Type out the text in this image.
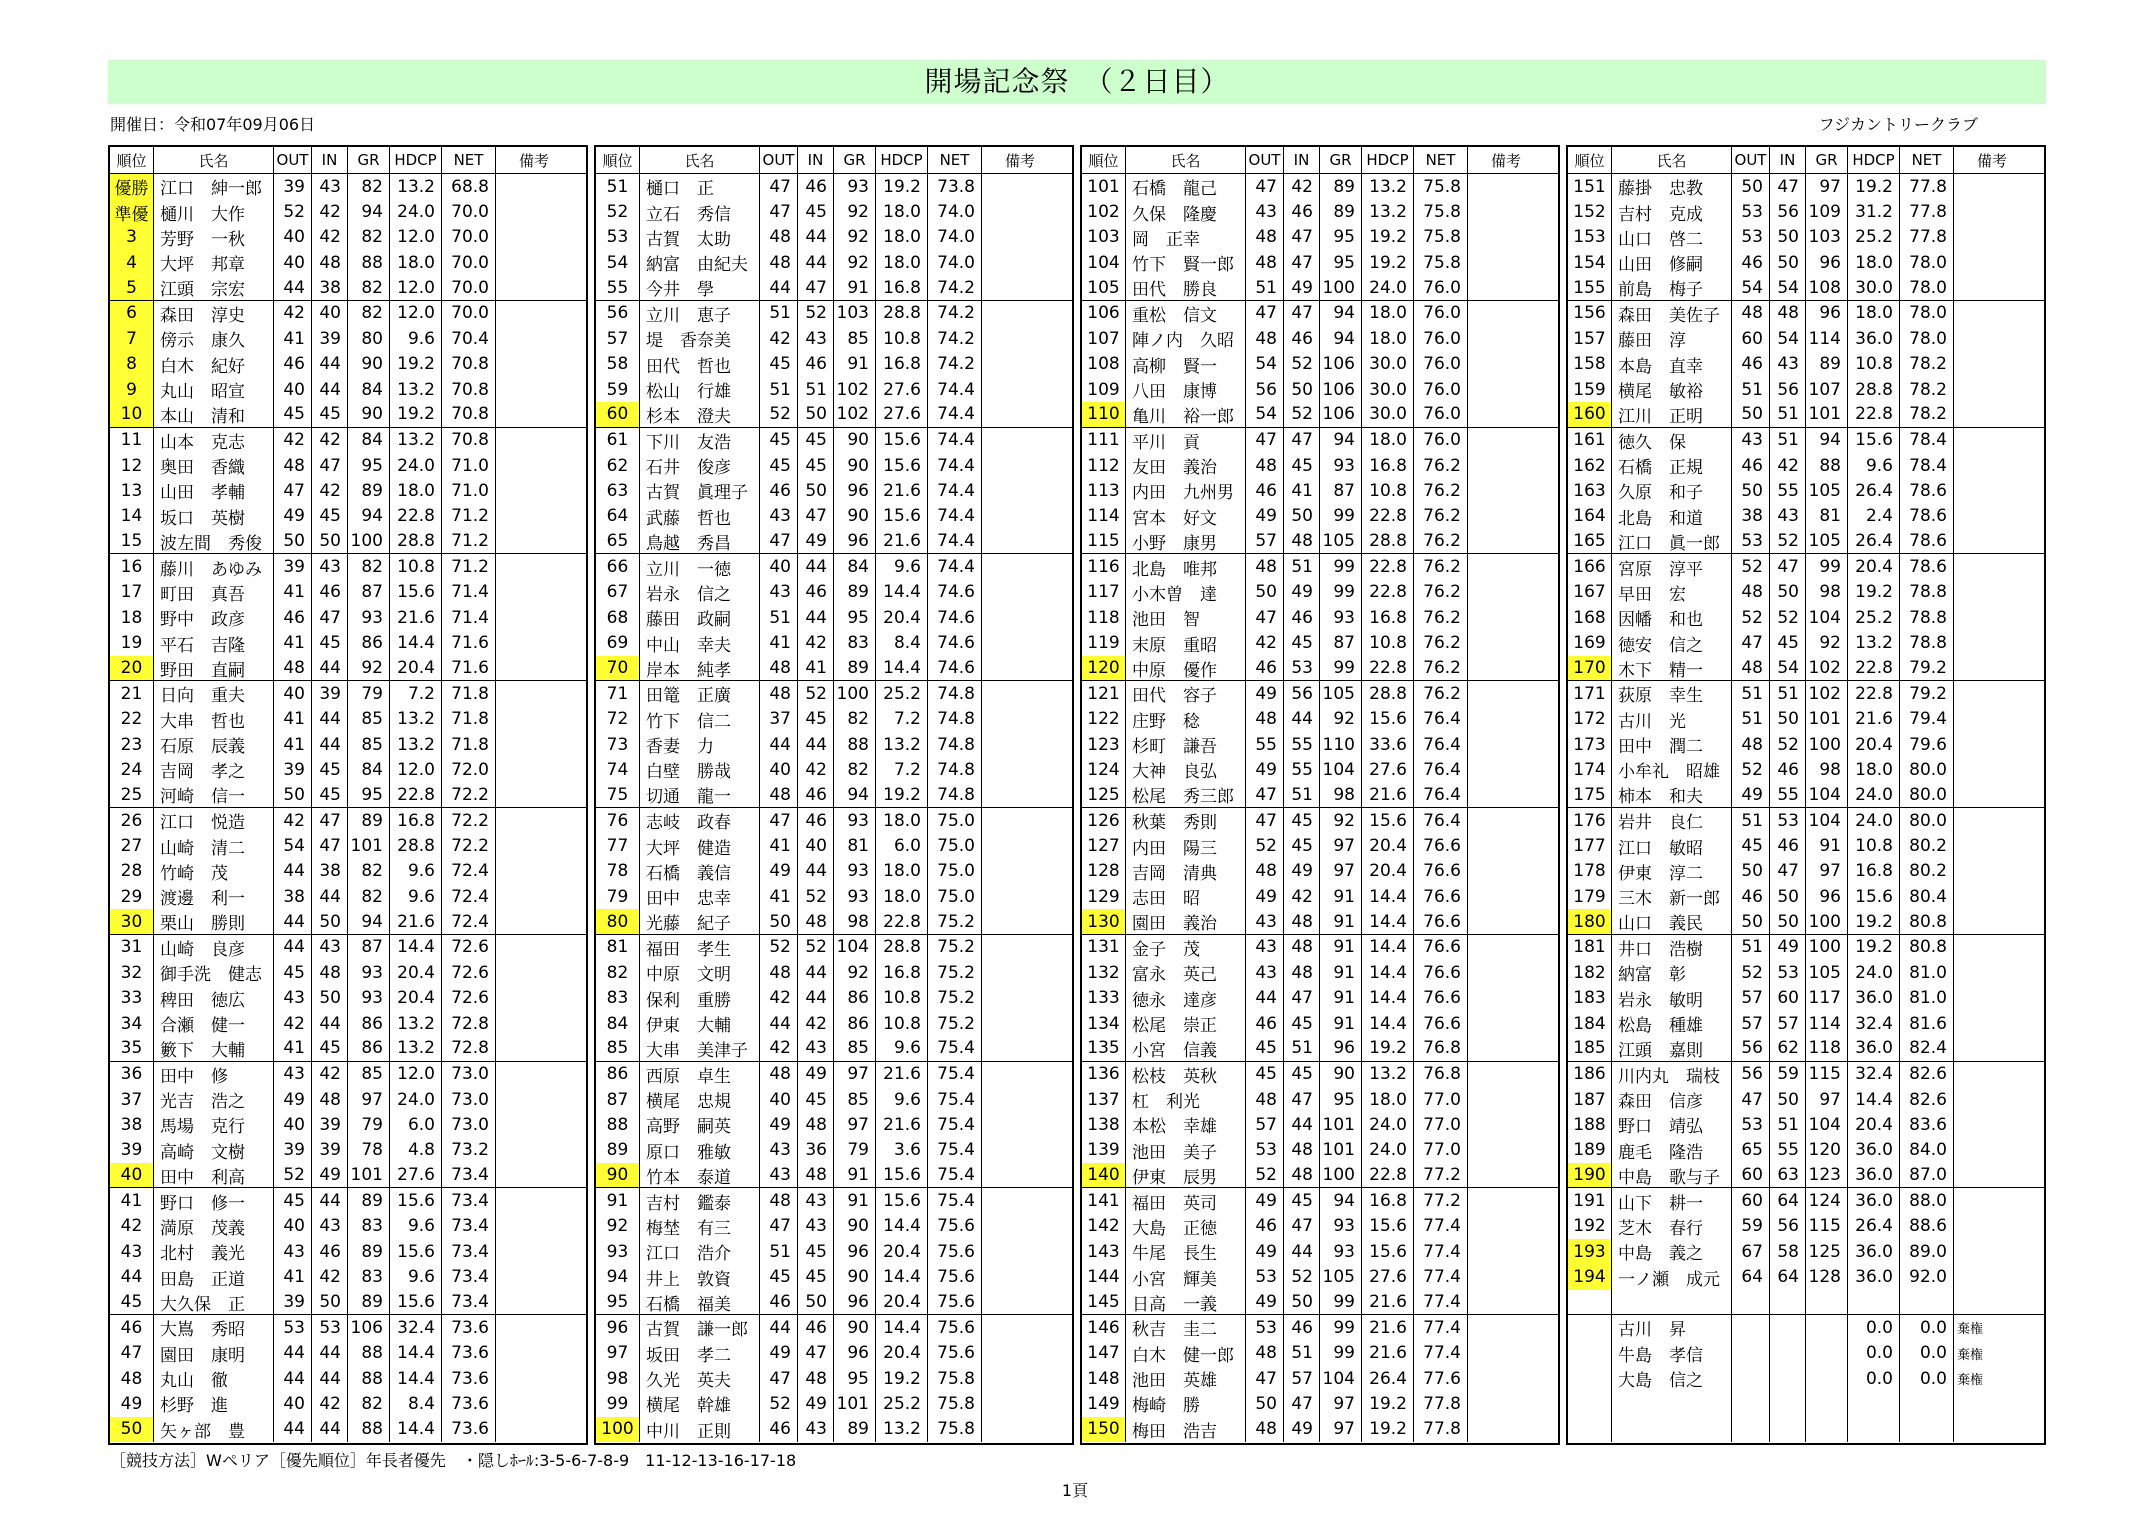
開場記念祭　（２日目）
開催日：令和07年09月06日	フジカントリークラブ
順位	氏名	OUT IN	GR HDCP	NET	備考
優勝 江口　紳一郎	39 43	82 13.2 68.8
準優 樋川　大作	52 42	94 24.0 70.0
3	芳野　一秋	40 42	82 12.0 70.0
4	大坪　邦章	40 48	88 18.0 70.0
5	江頭　宗宏	44 38	82 12.0 70.0
6	森田　淳史	42 40	82 12.0 70.0
7	傍示　康久	41 39	80	9.6 70.4
8	白木　紀好	46 44	90 19.2 70.8
9	丸山　昭宣	40 44	84 13.2 70.8
10	本山　清和	45 45	90 19.2 70.8
11	山本　克志	42 42	84 13.2 70.8
12	奥田　香織	48 47	95 24.0 71.0
13	山田　孝輔	47 42	89 18.0 71.0
14	坂口　英樹	49 45	94 22.8 71.2
15	波左間　秀俊	50 50 100 28.8 71.2
16	藤川　あゆみ	39 43	82 10.8 71.2
17	町田　真吾	41 46	87 15.6 71.4
18	野中　政彦	46 47	93 21.6 71.4
19	平石　吉隆	41 45	86 14.4 71.6
20	野田　直嗣	48 44	92 20.4 71.6
21	日向　重夫	40 39	79	7.2 71.8
22	大串　哲也	41 44	85 13.2 71.8
23	石原　辰義	41 44	85 13.2 71.8
24	吉岡　孝之	39 45	84 12.0 72.0
25	河崎　信一	50 45	95 22.8 72.2
26	江口　悦造	42 47	89 16.8 72.2
27	山崎　清二	54 47 101 28.8 72.2
28	竹崎　茂	44 38	82	9.6 72.4
29	渡邊　利一	38 44	82	9.6 72.4
30	栗山　勝則	44 50	94 21.6 72.4
31	山崎　良彦	44 43	87 14.4 72.6
32	御手洗　健志	45 48	93 20.4 72.6
33	稗田　徳広	43 50	93 20.4 72.6
34	合瀬　健一	42 44	86 13.2 72.8
35	籔下　大輔	41 45	86 13.2 72.8
36	田中　修	43 42	85 12.0 73.0
37	光吉　浩之	49 48	97 24.0 73.0
38	馬場　克行	40 39	79	6.0 73.0
39	高崎　文樹	39 39	78	4.8 73.2
40	田中　利高	52 49 101 27.6 73.4
41	野口　修一	45 44	89 15.6 73.4
42	満原　茂義	40 43	83	9.6 73.4
43	北村　義光	43 46	89 15.6 73.4
44	田島　正道	41 42	83	9.6 73.4
45	大久保　正	39 50	89 15.6 73.4
46	大嶌　秀昭	53 53 106 32.4 73.6
47	園田　康明	44 44	88 14.4 73.6
48	丸山　徹	44 44	88 14.4 73.6
49	杉野　進	40 42	82	8.4 73.6
50	矢ヶ部　豊	44 44	88 14.4 73.6
順位	氏名	OUT IN	GR HDCP	NET	備考
51	樋口　正	47 46	93 19.2 73.8
52	立石　秀信	47 45	92 18.0 74.0
53	古賀　太助	48 44	92 18.0 74.0
54	納富　由紀夫	48 44	92 18.0 74.0
55	今井　學	44 47	91 16.8 74.2
56	立川　恵子	51 52 103 28.8 74.2
57	堤　香奈美	42 43	85 10.8 74.2
58	田代　哲也	45 46	91 16.8 74.2
59	松山　行雄	51 51 102 27.6 74.4
60	杉本　澄夫	52 50 102 27.6 74.4
61	下川　友浩	45 45	90 15.6 74.4
62	石井　俊彦	45 45	90 15.6 74.4
63	古賀　眞理子	46 50	96 21.6 74.4
64	武藤　哲也	43 47	90 15.6 74.4
65	鳥越　秀昌	47 49	96 21.6 74.4
66	立川　一徳	40 44	84	9.6 74.4
67	岩永　信之	43 46	89 14.4 74.6
68	藤田　政嗣	51 44	95 20.4 74.6
69	中山　幸夫	41 42	83	8.4 74.6
70	岸本　純孝	48 41	89 14.4 74.6
71	田篭　正廣	48 52 100 25.2 74.8
72	竹下　信二	37 45	82	7.2 74.8
73	香妻　力	44 44	88 13.2 74.8
74	白壁　勝哉	40 42	82	7.2 74.8
75	切通　龍一	48 46	94 19.2 74.8
76	志岐　政春	47 46	93 18.0 75.0
77	大坪　健造	41 40	81	6.0 75.0
78	石橋　義信	49 44	93 18.0 75.0
79	田中　忠幸	41 52	93 18.0 75.0
80	光藤　紀子	50 48	98 22.8 75.2
81	福田　孝生	52 52 104 28.8 75.2
82	中原　文明	48 44	92 16.8 75.2
83	保利　重勝	42 44	86 10.8 75.2
84	伊東　大輔	44 42	86 10.8 75.2
85	大串　美津子	42 43	85	9.6 75.4
86	西原　卓生	48 49	97 21.6 75.4
87	横尾　忠規	40 45	85	9.6 75.4
88	高野　嗣英	49 48	97 21.6 75.4
89	原口　雅敏	43 36	79	3.6 75.4
90	竹本　泰道	43 48	91 15.6 75.4
91	吉村　鑑泰	48 43	91 15.6 75.4
92	梅埜　有三	47 43	90 14.4 75.6
93	江口　浩介	51 45	96 20.4 75.6
94	井上　敦資	45 45	90 14.4 75.6
95	石橋　福美	46 50	96 20.4 75.6
96	古賀　謙一郎	44 46	90 14.4 75.6
97	坂田　孝二	49 47	96 20.4 75.6
98	久光　英夫	47 48	95 19.2 75.8
99	横尾　幹雄	52 49 101 25.2 75.8
100 中川　正則	46 43	89 13.2 75.8
順位	氏名	OUT IN	GR HDCP	NET	備考
101 石橋　龍己	47 42	89 13.2 75.8
102 久保　隆慶	43 46	89 13.2 75.8
103 岡　正幸	48 47	95 19.2 75.8
104 竹下　賢一郎	48 47	95 19.2 75.8
105 田代　勝良	51 49 100 24.0 76.0
106 重松　信文	47 47	94 18.0 76.0
107 陣ノ内　久昭	48 46	94 18.0 76.0
108 高柳　賢一	54 52 106 30.0 76.0
109 八田　康博	56 50 106 30.0 76.0
110 亀川　裕一郎	54 52 106 30.0 76.0
111 平川　貢	47 47	94 18.0 76.0
112 友田　義治	48 45	93 16.8 76.2
113 内田　九州男	46 41	87 10.8 76.2
114 宮本　好文	49 50	99 22.8 76.2
115 小野　康男	57 48 105 28.8 76.2
116 北島　唯邦	48 51	99 22.8 76.2
117 小木曽　達	50 49	99 22.8 76.2
118 池田　智	47 46	93 16.8 76.2
119 末原　重昭	42 45	87 10.8 76.2
120 中原　優作	46 53	99 22.8 76.2
121 田代　容子	49 56 105 28.8 76.2
122 庄野　稔	48 44	92 15.6 76.4
123 杉町　謙吾	55 55 110 33.6 76.4
124 大神　良弘	49 55 104 27.6 76.4
125 松尾　秀三郎	47 51	98 21.6 76.4
126 秋葉　秀則	47 45	92 15.6 76.4
127 内田　陽三	52 45	97 20.4 76.6
128 吉岡　清典	48 49	97 20.4 76.6
129 志田　昭	49 42	91 14.4 76.6
130 園田　義治	43 48	91 14.4 76.6
131 金子　茂	43 48	91 14.4 76.6
132 富永　英己	43 48	91 14.4 76.6
133 徳永　達彦	44 47	91 14.4 76.6
134 松尾　崇正	46 45	91 14.4 76.6
135 小宮　信義	45 51	96 19.2 76.8
136 松枝　英秋	45 45	90 13.2 76.8
137 杠　利光	48 47	95 18.0 77.0
138 本松　幸雄	57 44 101 24.0 77.0
139 池田　美子	53 48 101 24.0 77.0
140 伊東　辰男	52 48 100 22.8 77.2
141 福田　英司	49 45	94 16.8 77.2
142 大島　正徳	46 47	93 15.6 77.4
143 牛尾　長生	49 44	93 15.6 77.4
144 小宮　輝美	53 52 105 27.6 77.4
145 日高　一義	49 50	99 21.6 77.4
146 秋吉　圭二	53 46	99 21.6 77.4
147 白木　健一郎	48 51	99 21.6 77.4
148 池田　英雄	47 57 104 26.4 77.6
149 梅崎　勝	50 47	97 19.2 77.8
150 梅田　浩吉	48 49	97 19.2 77.8
順位	氏名	OUT IN	GR HDCP	NET	備考
151 藤掛　忠教	50 47	97 19.2 77.8
152 吉村　克成	53 56 109 31.2 77.8
153 山口　啓二	53 50 103 25.2 77.8
154 山田　修嗣	46 50	96 18.0 78.0
155 前島　梅子	54 54 108 30.0 78.0
156 森田　美佐子	48 48	96 18.0 78.0
157 藤田　淳	60 54 114 36.0 78.0
158 本島　直幸	46 43	89 10.8 78.2
159 横尾　敏裕	51 56 107 28.8 78.2
160 江川　正明	50 51 101 22.8 78.2
161 徳久　保	43 51	94 15.6 78.4
162 石橋　正規	46 42	88	9.6 78.4
163 久原　和子	50 55 105 26.4 78.6
164 北島　和道	38 43	81	2.4 78.6
165 江口　眞一郎	53 52 105 26.4 78.6
166 宮原　淳平	52 47	99 20.4 78.6
167 早田　宏	48 50	98 19.2 78.8
168 因幡　和也	52 52 104 25.2 78.8
169 徳安　信之	47 45	92 13.2 78.8
170 木下　精一	48 54 102 22.8 79.2
171 荻原　幸生	51 51 102 22.8 79.2
172 古川　光	51 50 101 21.6 79.4
173 田中　潤二	48 52 100 20.4 79.6
174 小牟礼　昭雄	52 46	98 18.0 80.0
175 柿本　和夫	49 55 104 24.0 80.0
176 岩井　良仁	51 53 104 24.0 80.0
177 江口　敏昭	45 46	91 10.8 80.2
178 伊東　淳二	50 47	97 16.8 80.2
179 三木　新一郎	46 50	96 15.6 80.4
180 山口　義民	50 50 100 19.2 80.8
181 井口　浩樹	51 49 100 19.2 80.8
182 納富　彰	52 53 105 24.0 81.0
183 岩永　敏明	57 60 117 36.0 81.0
184 松島　種雄	57 57 114 32.4 81.6
185 江頭　嘉則	56 62 118 36.0 82.4
186 川内丸　瑞枝	56 59 115 32.4 82.6
187 森田　信彦	47 50	97 14.4 82.6
188 野口　靖弘	53 51 104 20.4 83.6
189 鹿毛　隆浩	65 55 120 36.0 84.0
190 中島　歌与子	60 63 123 36.0 87.0
191 山下　耕一	60 64 124 36.0 88.0
192 芝木　春行	59 56 115 26.4 88.6
193 中島　義之	67 58 125 36.0 89.0
194 一ノ瀬　成元	64 64 128 36.0 92.0
古川　昇	0.0	0.0 棄権
牛島　孝信	0.0	0.0 棄権
大島　信之	0.0	0.0 棄権
［競技方法］Wペリア［優先順位］年長者優先　・隠しﾎｰﾙ:3-5-6-7-8-9　11-12-13-16-17-18
1頁
